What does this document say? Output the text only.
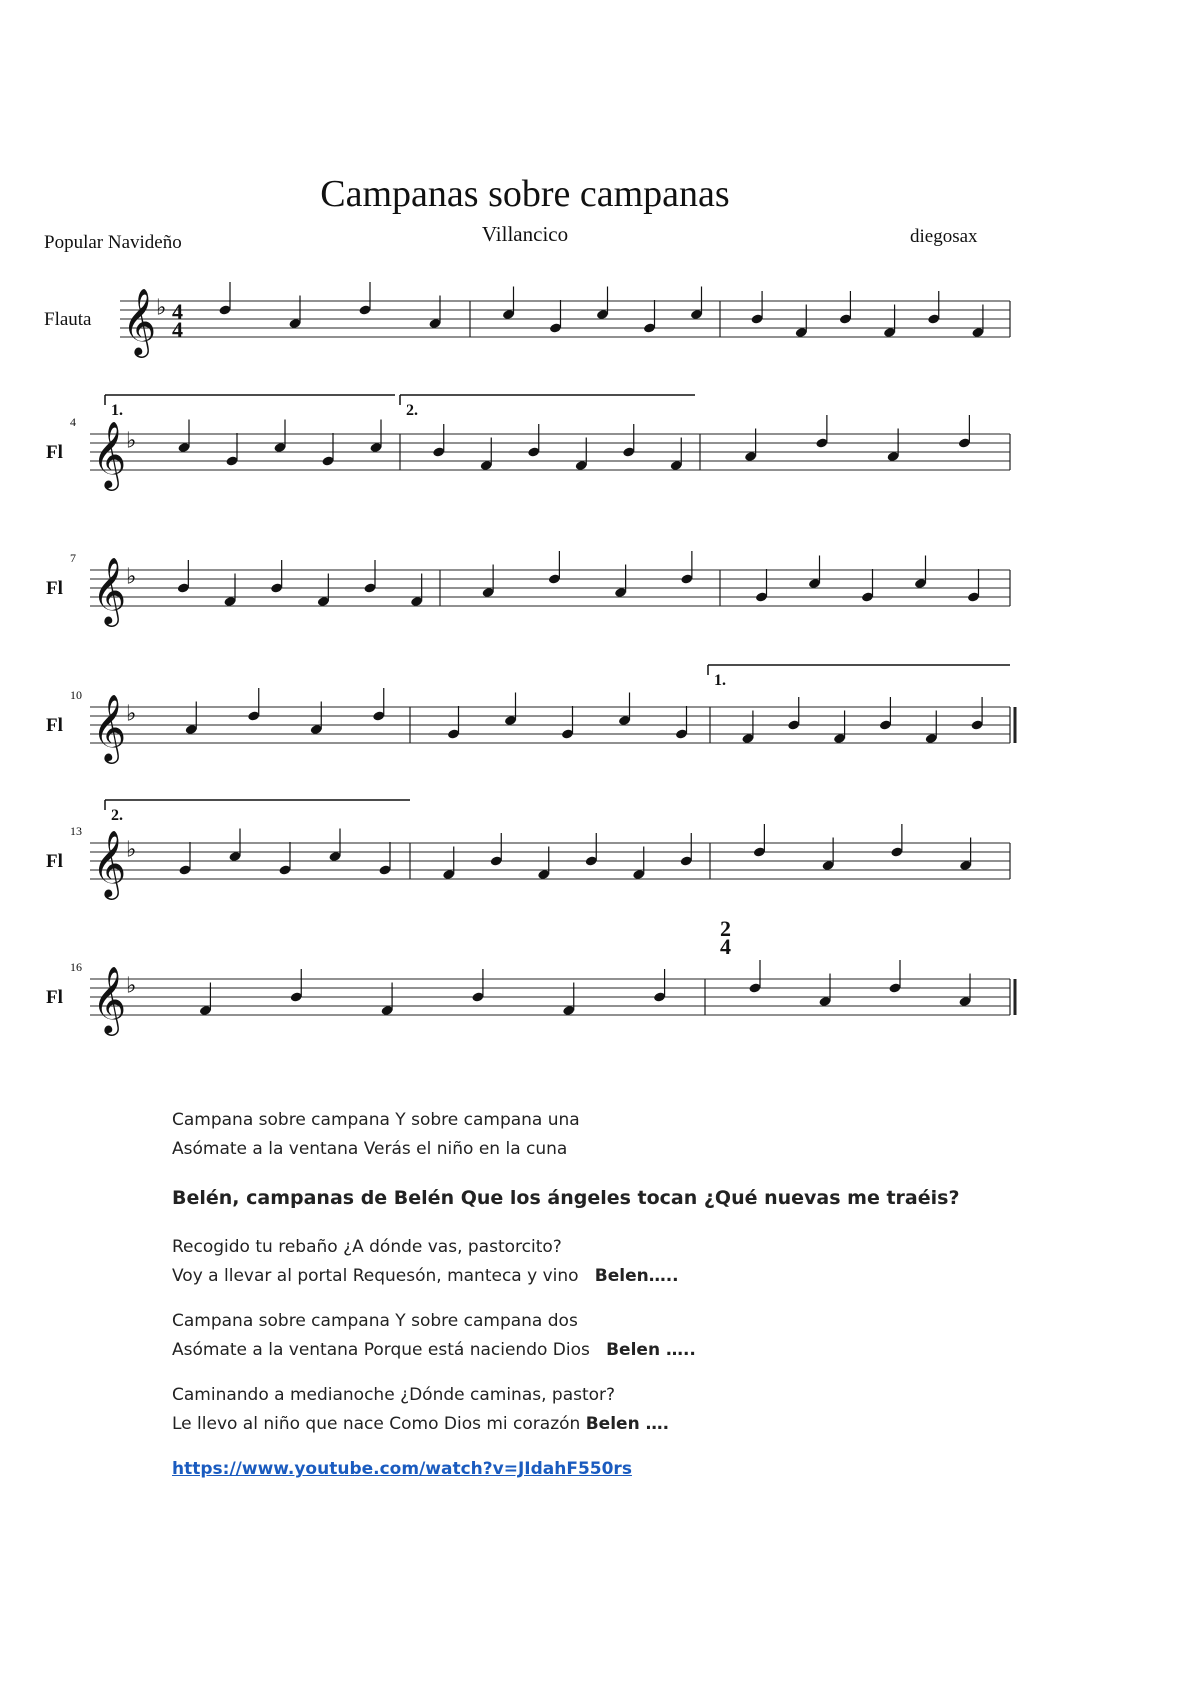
Campanas sobre campanas
Villancico
Popular Navideño	diegosax
Flauta 𝄞 ♭ 4
4
Fl
4 𝄞 ♭
Fl
7 𝄞 ♭
Fl
10 𝄞 ♭
Fl
13 𝄞 ♭
Fl
16 𝄞 ♭
1.	2.
1.
2.
2
4

Campana sobre campana Y sobre campana una

Asómate a la ventana Verás el niño en la cuna

Belén, campanas de Belén Que los ángeles tocan ¿Qué nuevas me traéis?

Recogido tu rebaño ¿A dónde vas, pastorcito?

Voy a llevar al portal Requesón, manteca y vino Belen…..

Campana sobre campana Y sobre campana dos

Asómate a la ventana Porque está naciendo Dios Belen …..

Caminando a medianoche ¿Dónde caminas, pastor?

Le llevo al niño que nace Como Dios mi corazón Belen ….

https://www.youtube.com/watch?v=JIdahF550rs
